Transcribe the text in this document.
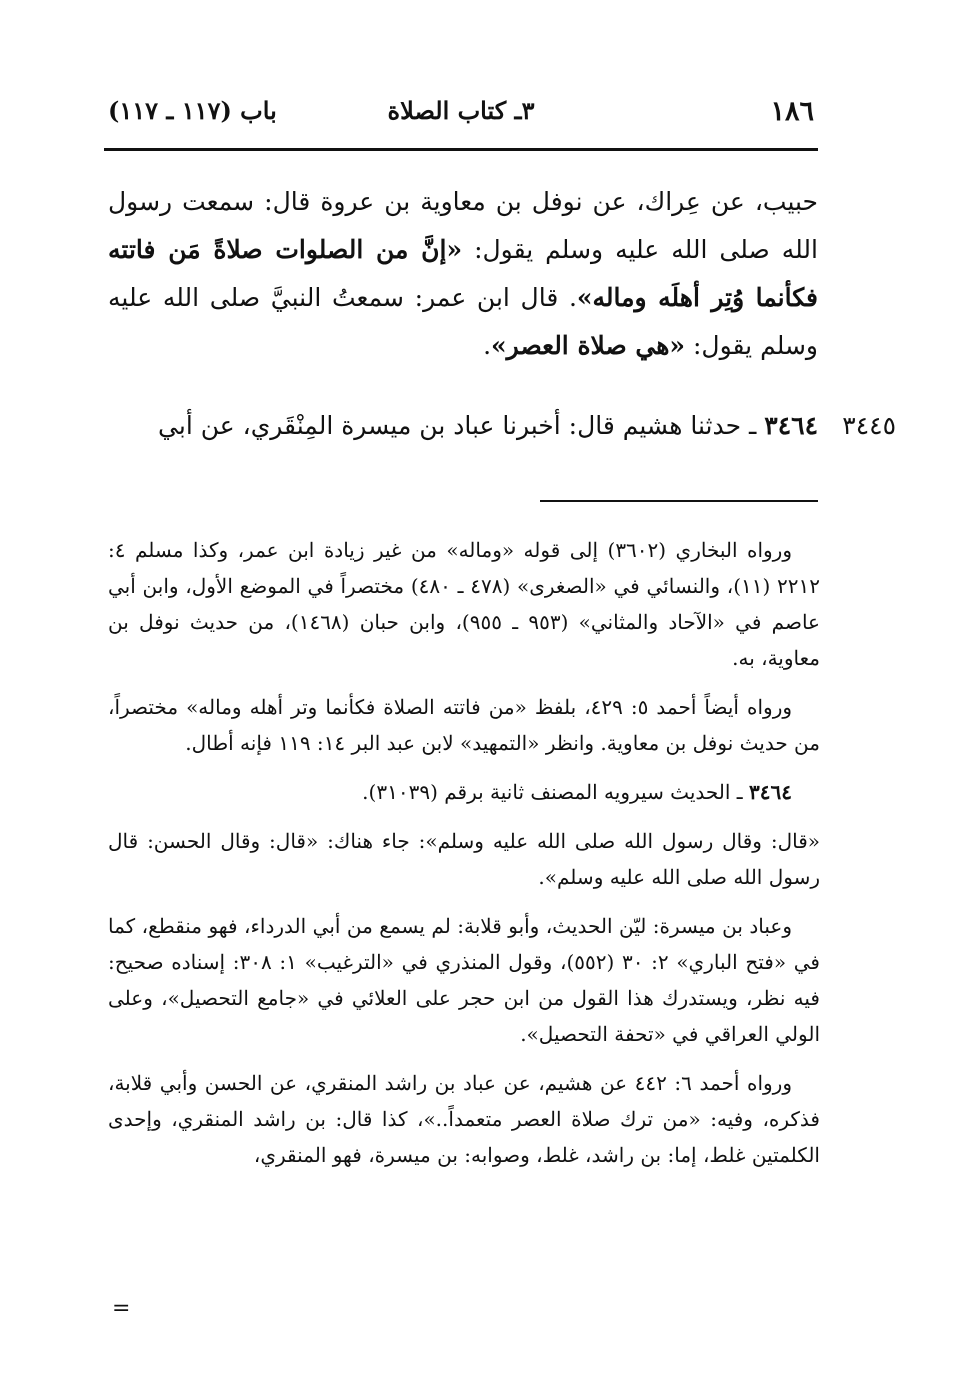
١٨٦
٣ـ كتاب الصلاة
باب (١١٧ ـ ١١٧)
حبيب، عن عِراك، عن نوفل بن معاوية بن عروة قال: سمعت رسول الله صلى الله عليه وسلم يقول: «إنَّ من الصلوات صلاةً مَن فاتته فكأنما وُتِر أهلَه وماله». قال ابن عمر: سمعتُ النبيَّ صلى الله عليه وسلم يقول: «هي صلاة العصر».
٣٤٤٥
٣٤٦٤ ـ حدثنا هشيم قال: أخبرنا عباد بن ميسرة المِنْقَري، عن أبي

ورواه البخاري (٣٦٠٢) إلى قوله «وماله» من غير زيادة ابن عمر، وكذا مسلم ٤: ٢٢١٢ (١١)، والنسائي في «الصغرى» (٤٧٨ ـ ٤٨٠) مختصراً في الموضع الأول، وابن أبي عاصم في «الآحاد والمثاني» (٩٥٣ ـ ٩٥٥)، وابن حبان (١٤٦٨)، من حديث نوفل بن معاوية، به.

ورواه أيضاً أحمد ٥: ٤٢٩، بلفظ «من فاتته الصلاة فكأنما وتر أهله وماله» مختصراً، من حديث نوفل بن معاوية. وانظر «التمهيد» لابن عبد البر ١٤: ١١٩ فإنه أطال.

٣٤٦٤ ـ الحديث سيرويه المصنف ثانية برقم (٣١٠٣٩).

«قال: وقال رسول الله صلى الله عليه وسلم»: جاء هناك: «قال: وقال الحسن: قال رسول الله صلى الله عليه وسلم».

وعباد بن ميسرة: ليّن الحديث، وأبو قلابة: لم يسمع من أبي الدرداء، فهو منقطع، كما في «فتح الباري» ٢: ٣٠ (٥٥٢)، وقول المنذري في «الترغيب» ١: ٣٠٨: إسناده صحيح: فيه نظر، ويستدرك هذا القول من ابن حجر على العلائي في «جامع التحصيل»، وعلى الولي العراقي في «تحفة التحصيل».

ورواه أحمد ٦: ٤٤٢ عن هشيم، عن عباد بن راشد المنقري، عن الحسن وأبي قلابة، فذكره، وفيه: «من ترك صلاة العصر متعمداً..»، كذا قال: بن راشد المنقري، وإحدى الكلمتين غلط، إما: بن راشد، غلط، وصوابه: بن ميسرة، فهو المنقري،

=
